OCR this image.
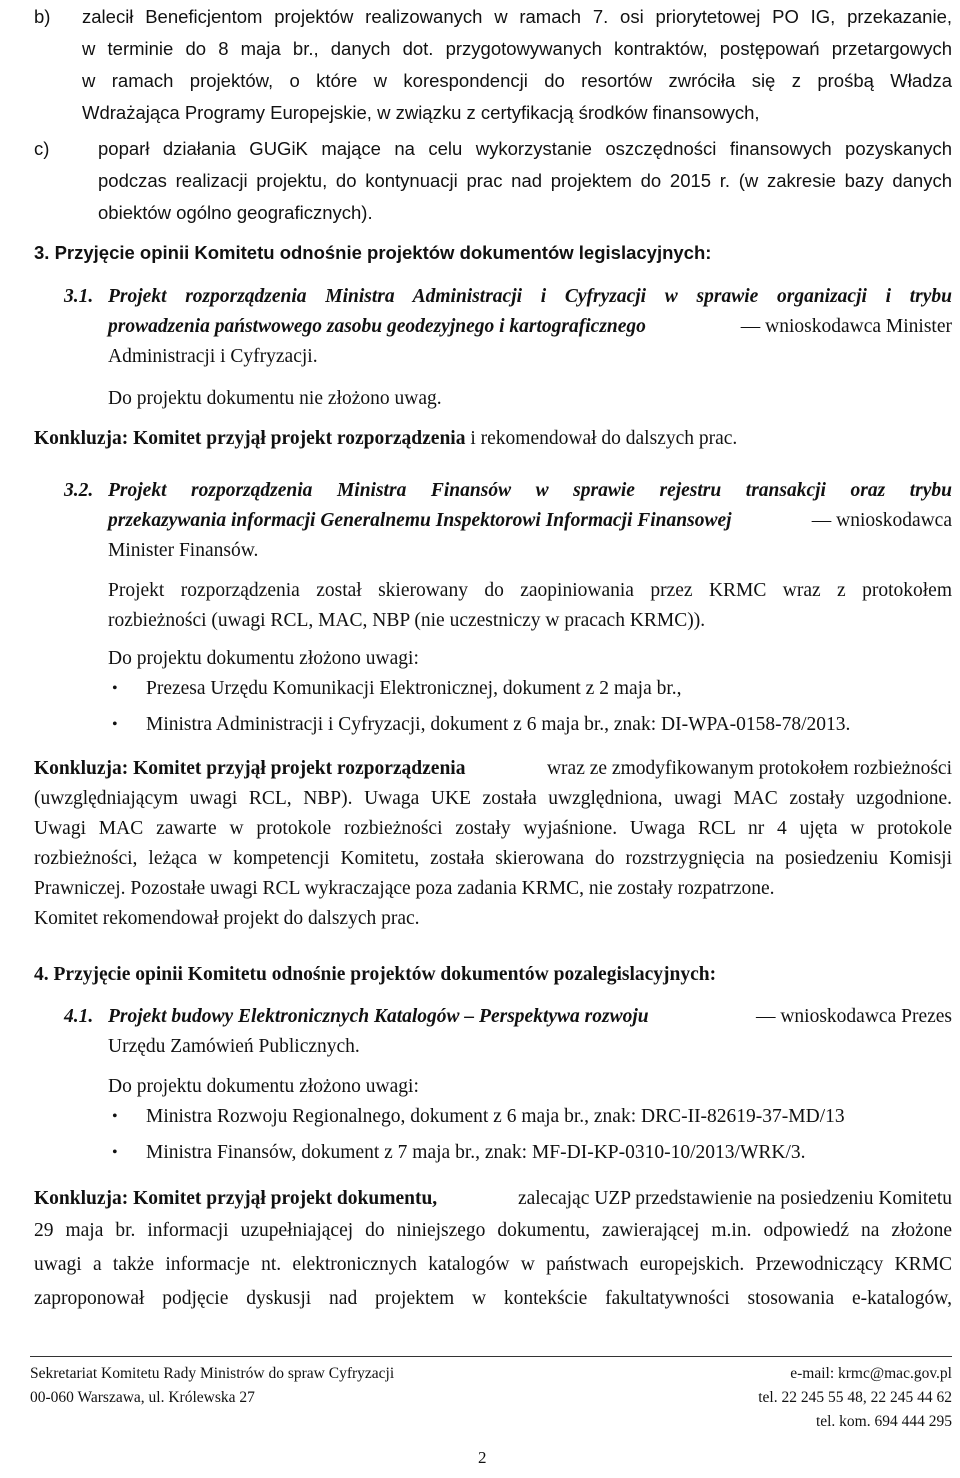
b) zalecił Beneficjentom projektów realizowanych w ramach 7. osi priorytetowej PO IG, przekazanie,
w terminie do 8 maja br., danych dot. przygotowywanych kontraktów, postępowań przetargowych
w ramach projektów, o które w korespondencji do resortów zwróciła się z prośbą Władza
Wdrażająca Programy Europejskie, w związku z certyfikacją środków finansowych,
c)	poparł działania GUGiK mające na celu wykorzystanie oszczędności finansowych pozyskanych
podczas realizacji projektu, do kontynuacji prac nad projektem do 2015 r. (w zakresie bazy danych
obiektów ogólno geograficznych).
3. Przyjęcie opinii Komitetu odnośnie projektów dokumentów legislacyjnych:
3.1. Projekt rozporządzenia Ministra Administracji i Cyfryzacji w sprawie organizacji i trybu
prowadzenia państwowego zasobu geodezyjnego i kartograficznego	— wnioskodawca Minister
Administracji i Cyfryzacji.
Do projektu dokumentu nie złożono uwag.
Konkluzja: Komitet przyjął projekt rozporządzenia i rekomendował do dalszych prac.
3.2. Projekt rozporządzenia Ministra Finansów w sprawie rejestru transakcji oraz trybu
przekazywania informacji Generalnemu Inspektorowi Informacji Finansowej	— wnioskodawca
Minister Finansów.
Projekt rozporządzenia został skierowany do zaopiniowania przez KRMC wraz z protokołem
rozbieżności (uwagi RCL, MAC, NBP (nie uczestniczy w pracach KRMC)).
Do projektu dokumentu złożono uwagi:
• Prezesa Urzędu Komunikacji Elektronicznej, dokument z 2 maja br.,
• Ministra Administracji i Cyfryzacji, dokument z 6 maja br., znak: DI-WPA-0158-78/2013.
Konkluzja: Komitet przyjął projekt rozporządzenia	wraz ze zmodyfikowanym protokołem rozbieżności
(uwzględniającym uwagi RCL, NBP). Uwaga UKE została uwzględniona, uwagi MAC zostały uzgodnione.
Uwagi MAC zawarte w protokole rozbieżności zostały wyjaśnione. Uwaga RCL nr 4 ujęta w protokole
rozbieżności, leżąca w kompetencji Komitetu, została skierowana do rozstrzygnięcia na posiedzeniu Komisji
Prawniczej. Pozostałe uwagi RCL wykraczające poza zadania KRMC, nie zostały rozpatrzone.
Komitet rekomendował projekt do dalszych prac.
4. Przyjęcie opinii Komitetu odnośnie projektów dokumentów pozalegislacyjnych:
4.1. Projekt budowy Elektronicznych Katalogów – Perspektywa rozwoju	— wnioskodawca Prezes
Urzędu Zamówień Publicznych.
Do projektu dokumentu złożono uwagi:
• Ministra Rozwoju Regionalnego, dokument z 6 maja br., znak: DRC-II-82619-37-MD/13
• Ministra Finansów, dokument z 7 maja br., znak: MF-DI-KP-0310-10/2013/WRK/3.
Konkluzja: Komitet przyjął projekt dokumentu,	zalecając UZP przedstawienie na posiedzeniu Komitetu
29 maja br. informacji uzupełniającej do niniejszego dokumentu, zawierającej m.in. odpowiedź na złożone
uwagi a także informacje nt. elektronicznych katalogów w państwach europejskich. Przewodniczący KRMC
zaproponował podjęcie dyskusji nad projektem w kontekście fakultatywności stosowania e-katalogów,
Sekretariat Komitetu Rady Ministrów do spraw Cyfryzacji
00-060 Warszawa, ul. Królewska 27
e-mail: krmc@mac.gov.pl
tel. 22 245 55 48, 22 245 44 62
tel. kom. 694 444 295
2
